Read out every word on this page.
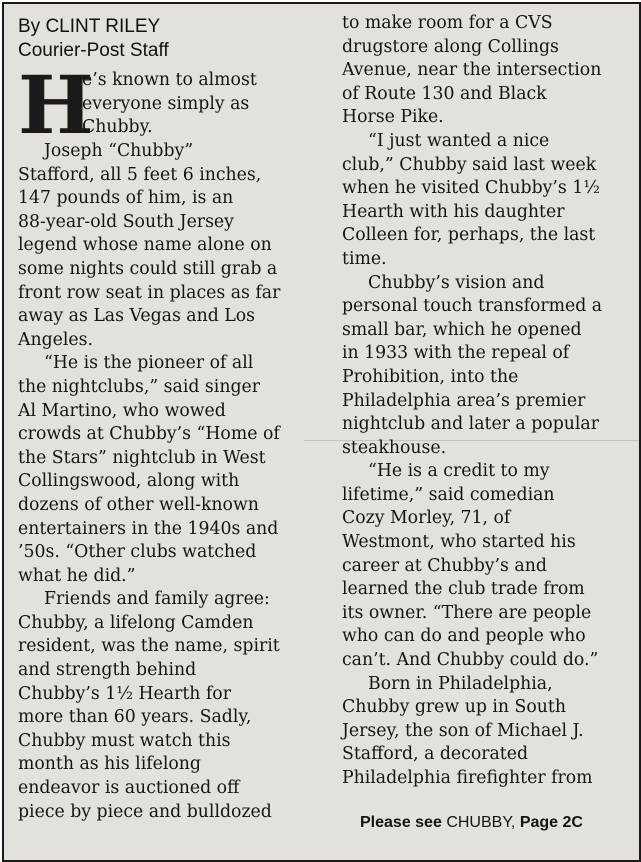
By CLINT RILEY
Courier-Post Staff
H
e’s known to almost
everyone simply as
Chubby.
Joseph “Chubby”
Stafford, all 5 feet 6 inches,
147 pounds of him, is an
88-year-old South Jersey
legend whose name alone on
some nights could still grab a
front row seat in places as far
away as Las Vegas and Los
Angeles.
“He is the pioneer of all
the nightclubs,” said singer
Al Martino, who wowed
crowds at Chubby’s “Home of
the Stars” nightclub in West
Collingswood, along with
dozens of other well-known
entertainers in the 1940s and
’50s. “Other clubs watched
what he did.”
Friends and family agree:
Chubby, a lifelong Camden
resident, was the name, spirit
and strength behind
Chubby’s 1½ Hearth for
more than 60 years. Sadly,
Chubby must watch this
month as his lifelong
endeavor is auctioned off
piece by piece and bulldozed
to make room for a CVS
drugstore along Collings
Avenue, near the intersection
of Route 130 and Black
Horse Pike.
“I just wanted a nice
club,” Chubby said last week
when he visited Chubby’s 1½
Hearth with his daughter
Colleen for, perhaps, the last
time.
Chubby’s vision and
personal touch transformed a
small bar, which he opened
in 1933 with the repeal of
Prohibition, into the
Philadelphia area’s premier
nightclub and later a popular
steakhouse.
“He is a credit to my
lifetime,” said comedian
Cozy Morley, 71, of
Westmont, who started his
career at Chubby’s and
learned the club trade from
its owner. “There are people
who can do and people who
can’t. And Chubby could do.”
Born in Philadelphia,
Chubby grew up in South
Jersey, the son of Michael J.
Stafford, a decorated
Philadelphia firefighter from
Please see CHUBBY, Page 2C
